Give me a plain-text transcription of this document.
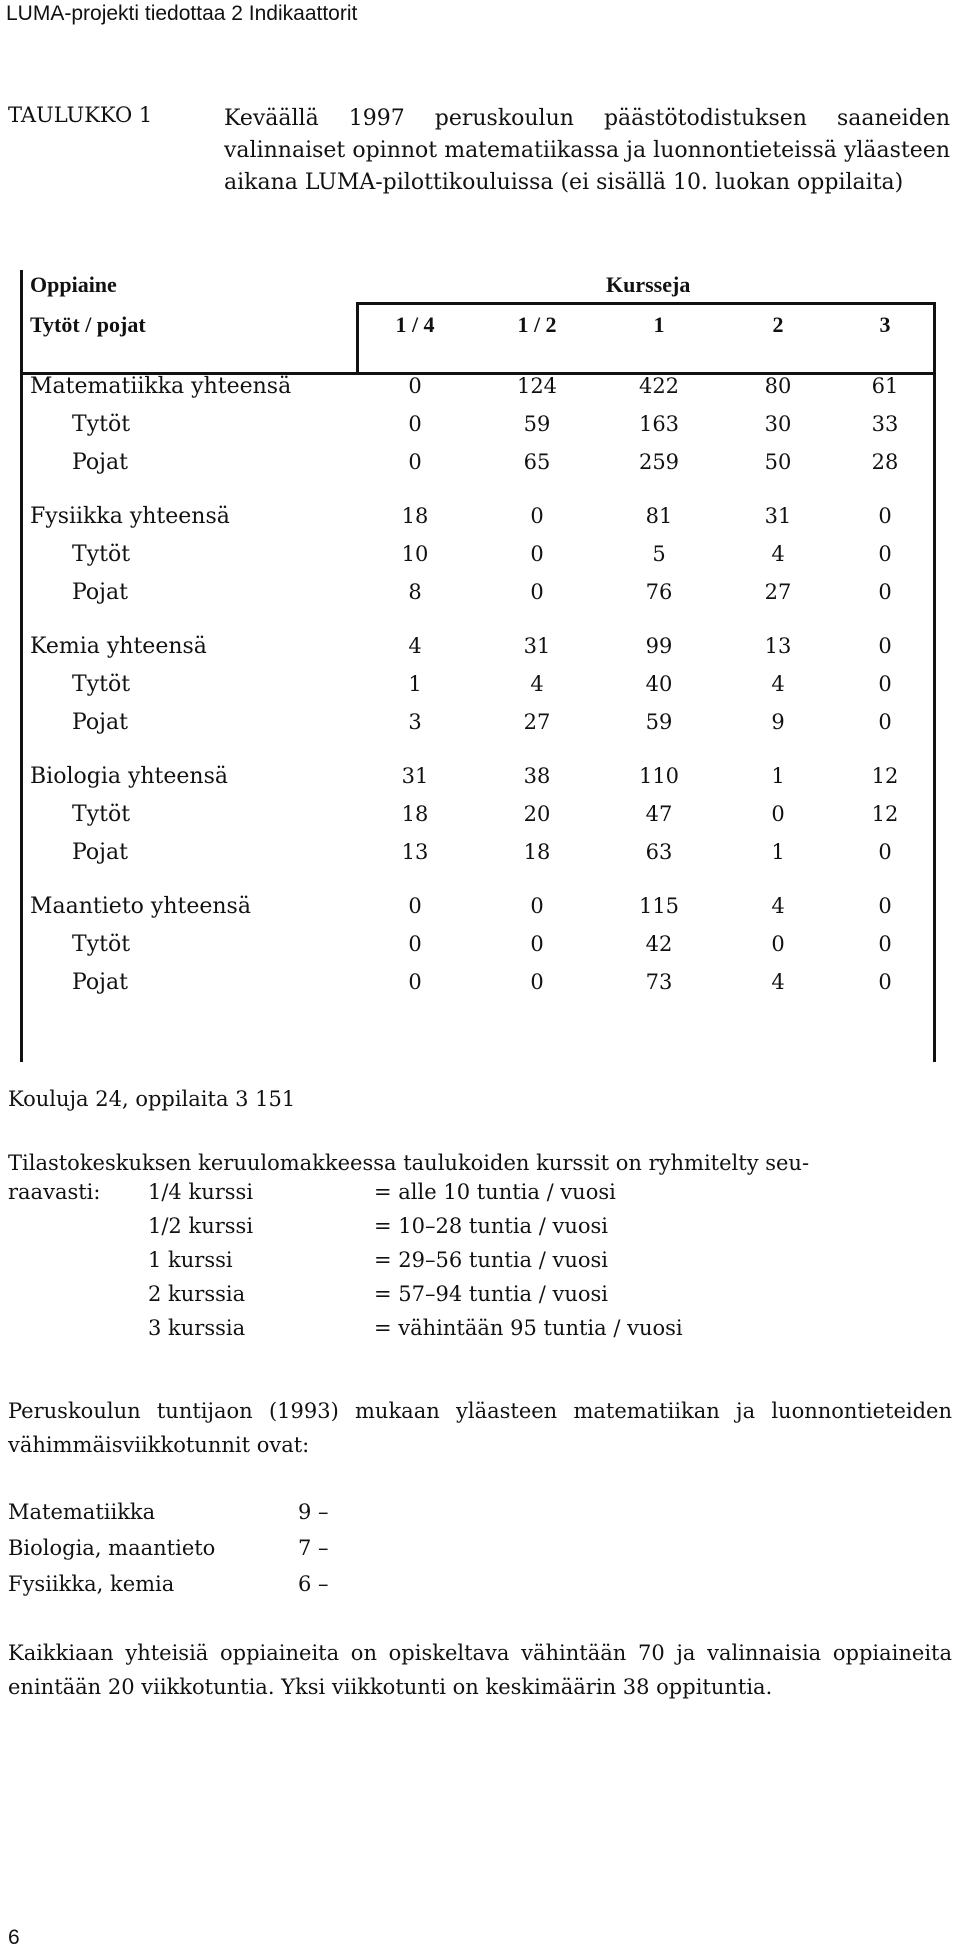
LUMA-projekti tiedottaa 2 Indikaattorit
TAULUKKO 1	Keväällä 1997 peruskoulun päästötodistuksen saaneiden valinnaiset opinnot matematiikassa ja luonnontieteissä yläasteen aikana LUMA-pilottikouluissa (ei sisällä 10. luokan oppilaita)
Oppiaine	Kursseja
Tytöt / pojat	1 / 4	1 / 2	1	2	3
Matematiikka yhteensä	0	124	422	80	61
Tytöt	0	59	163	30	33
Pojat	0	65	259	50	28
Fysiikka yhteensä	18	0	81	31	0
Tytöt	10	0	5	4	0
Pojat	8	0	76	27	0
Kemia yhteensä	4	31	99	13	0
Tytöt	1	4	40	4	0
Pojat	3	27	59	9	0
Biologia yhteensä	31	38	110	1	12
Tytöt	18	20	47	0	12
Pojat	13	18	63	1	0
Maantieto yhteensä	0	0	115	4	0
Tytöt	0	0	42	0	0
Pojat	0	0	73	4	0
Kouluja 24, oppilaita 3 151
Tilastokeskuksen keruulomakkeessa taulukoiden kurssit on ryhmitelty seu-
raavasti: 1/4 kurssi	= alle 10 tuntia / vuosi
1/2 kurssi	= 10–28 tuntia / vuosi
1 kurssi	= 29–56 tuntia / vuosi
2 kurssia	= 57–94 tuntia / vuosi
3 kurssia	= vähintään 95 tuntia / vuosi
Peruskoulun tuntijaon (1993) mukaan yläasteen matematiikan ja luonnontieteiden vähimmäisviikkotunnit ovat:
Matematiikka	9 –
Biologia, maantieto	7 –
Fysiikka, kemia	6 –
Kaikkiaan yhteisiä oppiaineita on opiskeltava vähintään 70 ja valinnaisia oppiaineita enintään 20 viikkotuntia. Yksi viikkotunti on keskimäärin 38 oppituntia.
6
